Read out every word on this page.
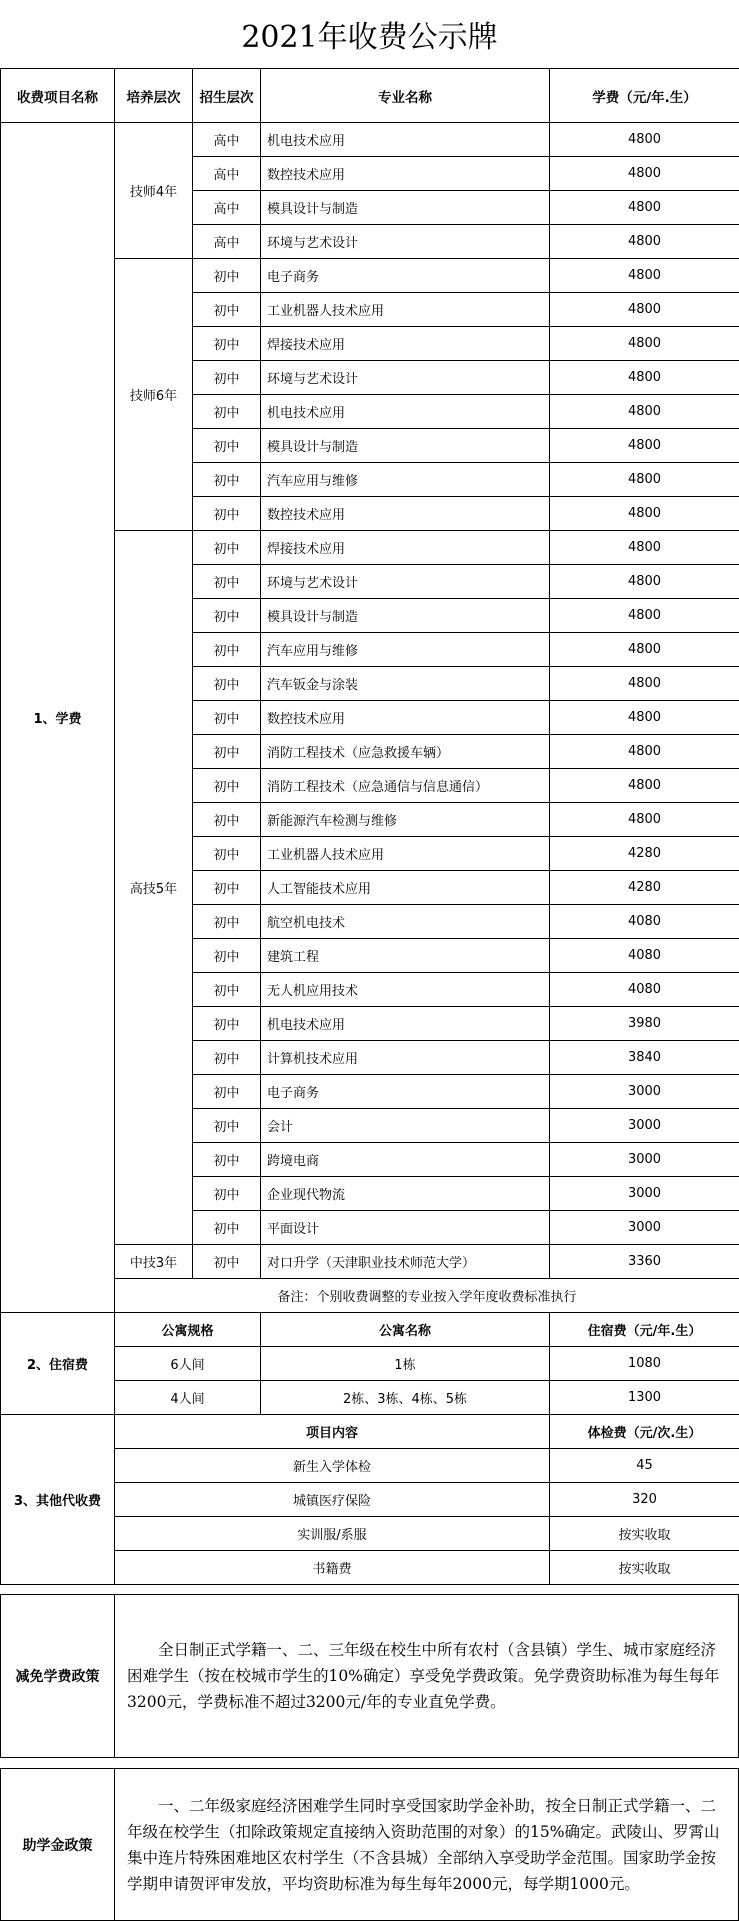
2021年收费公示牌
收费项目名称	培养层次	招生层次	专业名称	学费（元/年.生）
1、学费	技师4年	高中	机电技术应用	4800
		高中	数控技术应用	4800
		高中	模具设计与制造	4800
		高中	环境与艺术设计	4800
	技师6年	初中	电子商务	4800
		初中	工业机器人技术应用	4800
		初中	焊接技术应用	4800
		初中	环境与艺术设计	4800
		初中	机电技术应用	4800
		初中	模具设计与制造	4800
		初中	汽车应用与维修	4800
		初中	数控技术应用	4800
	高技5年	初中	焊接技术应用	4800
		初中	环境与艺术设计	4800
		初中	模具设计与制造	4800
		初中	汽车应用与维修	4800
		初中	汽车钣金与涂装	4800
		初中	数控技术应用	4800
		初中	消防工程技术（应急救援车辆）	4800
		初中	消防工程技术（应急通信与信息通信）	4800
		初中	新能源汽车检测与维修	4800
		初中	工业机器人技术应用	4280
		初中	人工智能技术应用	4280
		初中	航空机电技术	4080
		初中	建筑工程	4080
		初中	无人机应用技术	4080
		初中	机电技术应用	3980
		初中	计算机技术应用	3840
		初中	电子商务	3000
		初中	会计	3000
		初中	跨境电商	3000
		初中	企业现代物流	3000
		初中	平面设计	3000
	中技3年	初中	对口升学（天津职业技术师范大学）	3360
	备注：个别收费调整的专业按入学年度收费标准执行			
2、住宿费	公寓规格		公寓名称	住宿费（元/年.生）
	6人间		1栋	1080
	4人间		2栋、3栋、4栋、5栋	1300
3、其他代收费	项目内容			体检费（元/次.生）
	新生入学体检			45
	城镇医疗保险			320
	实训服/系服			按实收取
	书籍费			按实收取
减免学费政策	全日制正式学籍一、二、三年级在校生中所有农村（含县镇）学生、城市家庭经济困难学生（按在校城市学生的10%确定）享受免学费政策。免学费资助标准为每生每年3200元，学费标准不超过3200元/年的专业直免学费。
助学金政策	一、二年级家庭经济困难学生同时享受国家助学金补助，按全日制正式学籍一、二年级在校学生（扣除政策规定直接纳入资助范围的对象）的15%确定。武陵山、罗霄山集中连片特殊困难地区农村学生（不含县城）全部纳入享受助学金范围。国家助学金按学期申请贺评审发放，平均资助标准为每生每年2000元，每学期1000元。
